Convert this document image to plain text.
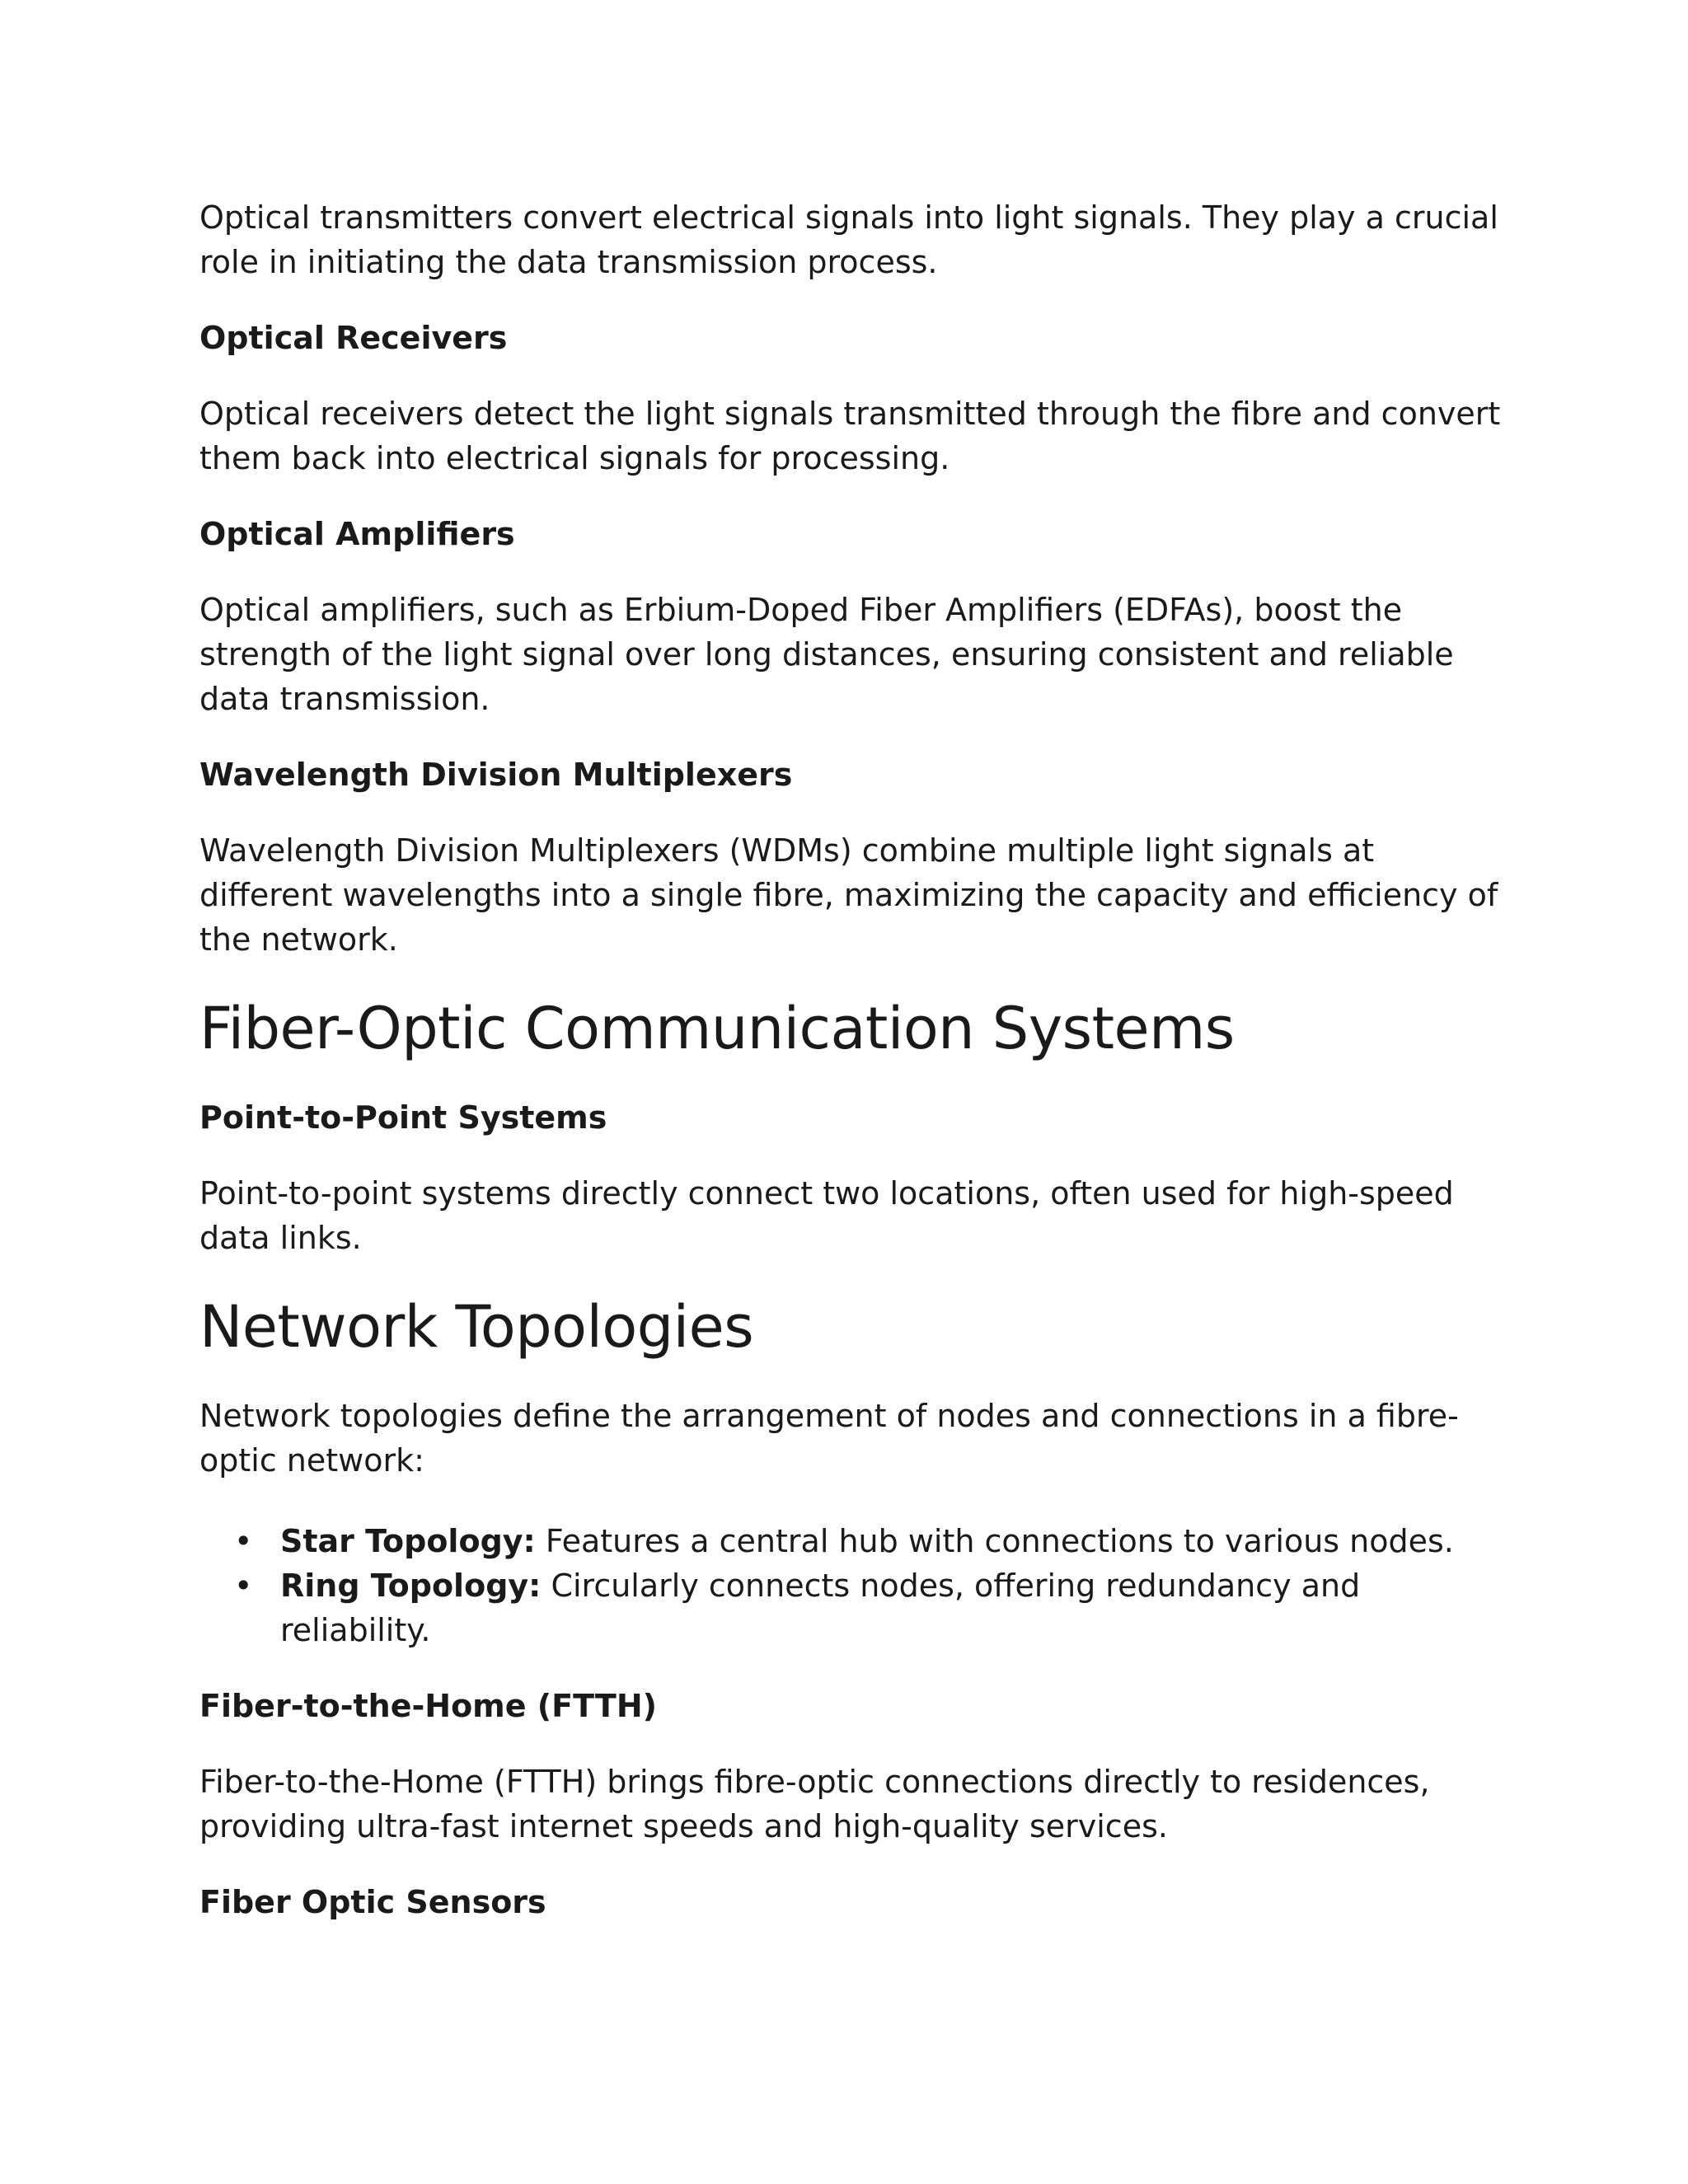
Optical transmitters convert electrical signals into light signals. They play a crucial role in initiating the data transmission process.

Optical Receivers

Optical receivers detect the light signals transmitted through the fibre and convert them back into electrical signals for processing.

Optical Amplifiers

Optical amplifiers, such as Erbium-Doped Fiber Amplifiers (EDFAs), boost the strength of the light signal over long distances, ensuring consistent and reliable data transmission.

Wavelength Division Multiplexers

Wavelength Division Multiplexers (WDMs) combine multiple light signals at different wavelengths into a single fibre, maximizing the capacity and efficiency of the network.

Fiber-Optic Communication Systems
Point-to-Point Systems

Point-to-point systems directly connect two locations, often used for high-speed data links.

Network Topologies

Network topologies define the arrangement of nodes and connections in a fibre-optic network:

• Star Topology: Features a central hub with connections to various nodes.
• Ring Topology: Circularly connects nodes, offering redundancy and reliability.
Fiber-to-the-Home (FTTH)

Fiber-to-the-Home (FTTH) brings fibre-optic connections directly to residences, providing ultra-fast internet speeds and high-quality services.

Fiber Optic Sensors
